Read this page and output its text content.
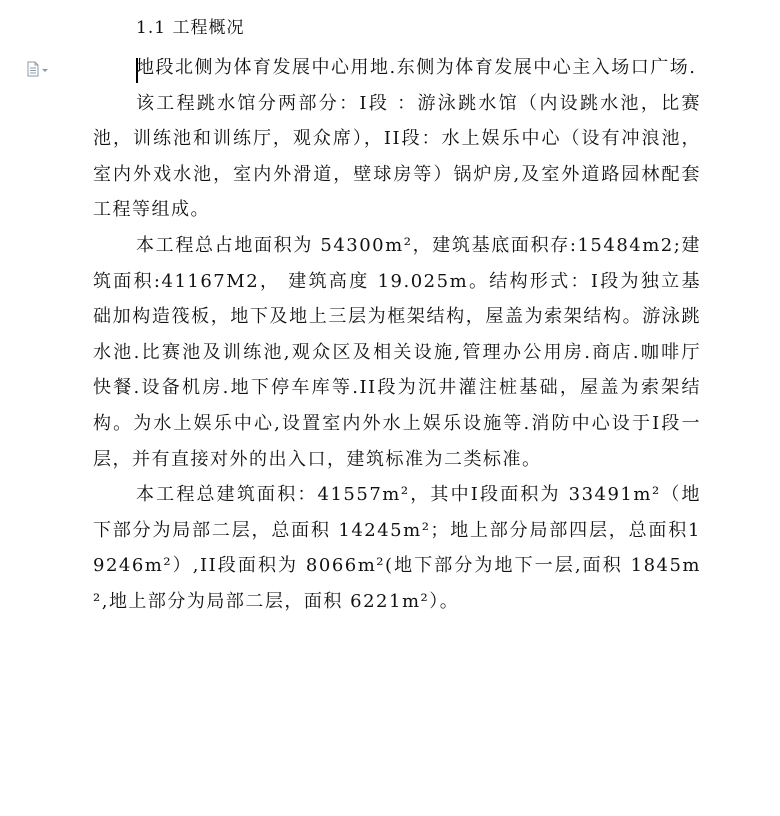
1.1 工程概况

地段北侧为体育发展中心用地.东侧为体育发展中心主入场口广场.

该工程跳水馆分两部分：I段 ：游泳跳水馆（内设跳水池，比赛池，训练池和训练厅，观众席），II段：水上娱乐中心（设有冲浪池，室内外戏水池，室内外滑道，壁球房等）锅炉房,及室外道路园林配套工程等组成。

本工程总占地面积为 54300m²，建筑基底面积存:15484m2;建筑面积:41167M2， 建筑高度 19.025m。结构形式：I段为独立基础加构造筏板，地下及地上三层为框架结构，屋盖为索架结构。游泳跳水池.比赛池及训练池,观众区及相关设施,管理办公用房.商店.咖啡厅 快餐.设备机房.地下停车库等.II段为沉井灌注桩基础，屋盖为索架结构。为水上娱乐中心,设置室内外水上娱乐设施等.消防中心设于I段一层，并有直接对外的出入口，建筑标准为二类标准。

本工程总建筑面积：41557m²，其中I段面积为 33491m²（地下部分为局部二层，总面积 14245m²；地上部分局部四层，总面积19246m²）,II段面积为 8066m²(地下部分为地下一层,面积 1845m²,地上部分为局部二层，面积 6221m²）。
